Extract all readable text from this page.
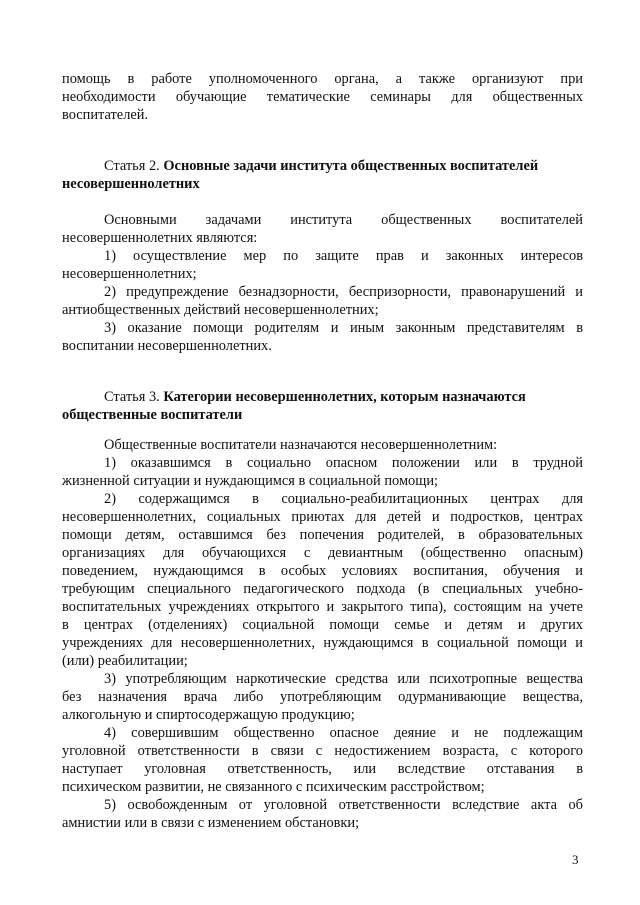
помощь в работе уполномоченного органа, а также организуют при
необходимости обучающие тематические семинары для общественных
воспитателей.
Статья 2. Основные задачи института общественных воспитателей
несовершеннолетних
Основными задачами института общественных воспитателей
несовершеннолетних являются:
1) осуществление мер по защите прав и законных интересов
несовершеннолетних;
2) предупреждение безнадзорности, беспризорности, правонарушений и
антиобщественных действий несовершеннолетних;
3) оказание помощи родителям и иным законным представителям в
воспитании несовершеннолетних.
Статья 3. Категории несовершеннолетних, которым назначаются
общественные воспитатели
Общественные воспитатели назначаются несовершеннолетним:
1) оказавшимся в социально опасном положении или в трудной
жизненной ситуации и нуждающимся в социальной помощи;
2) содержащимся в социально-реабилитационных центрах для
несовершеннолетних, социальных приютах для детей и подростков, центрах
помощи детям, оставшимся без попечения родителей, в образовательных
организациях для обучающихся с девиантным (общественно опасным)
поведением, нуждающимся в особых условиях воспитания, обучения и
требующим специального педагогического подхода (в специальных учебно-
воспитательных учреждениях открытого и закрытого типа), состоящим на учете
в центрах (отделениях) социальной помощи семье и детям и других
учреждениях для несовершеннолетних, нуждающимся в социальной помощи и
(или) реабилитации;
3) употребляющим наркотические средства или психотропные вещества
без назначения врача либо употребляющим одурманивающие вещества,
алкогольную и спиртосодержащую продукцию;
4) совершившим общественно опасное деяние и не подлежащим
уголовной ответственности в связи с недостижением возраста, с которого
наступает уголовная ответственность, или вследствие отставания в
психическом развитии, не связанного с психическим расстройством;
5) освобожденным от уголовной ответственности вследствие акта об
амнистии или в связи с изменением обстановки;
3
